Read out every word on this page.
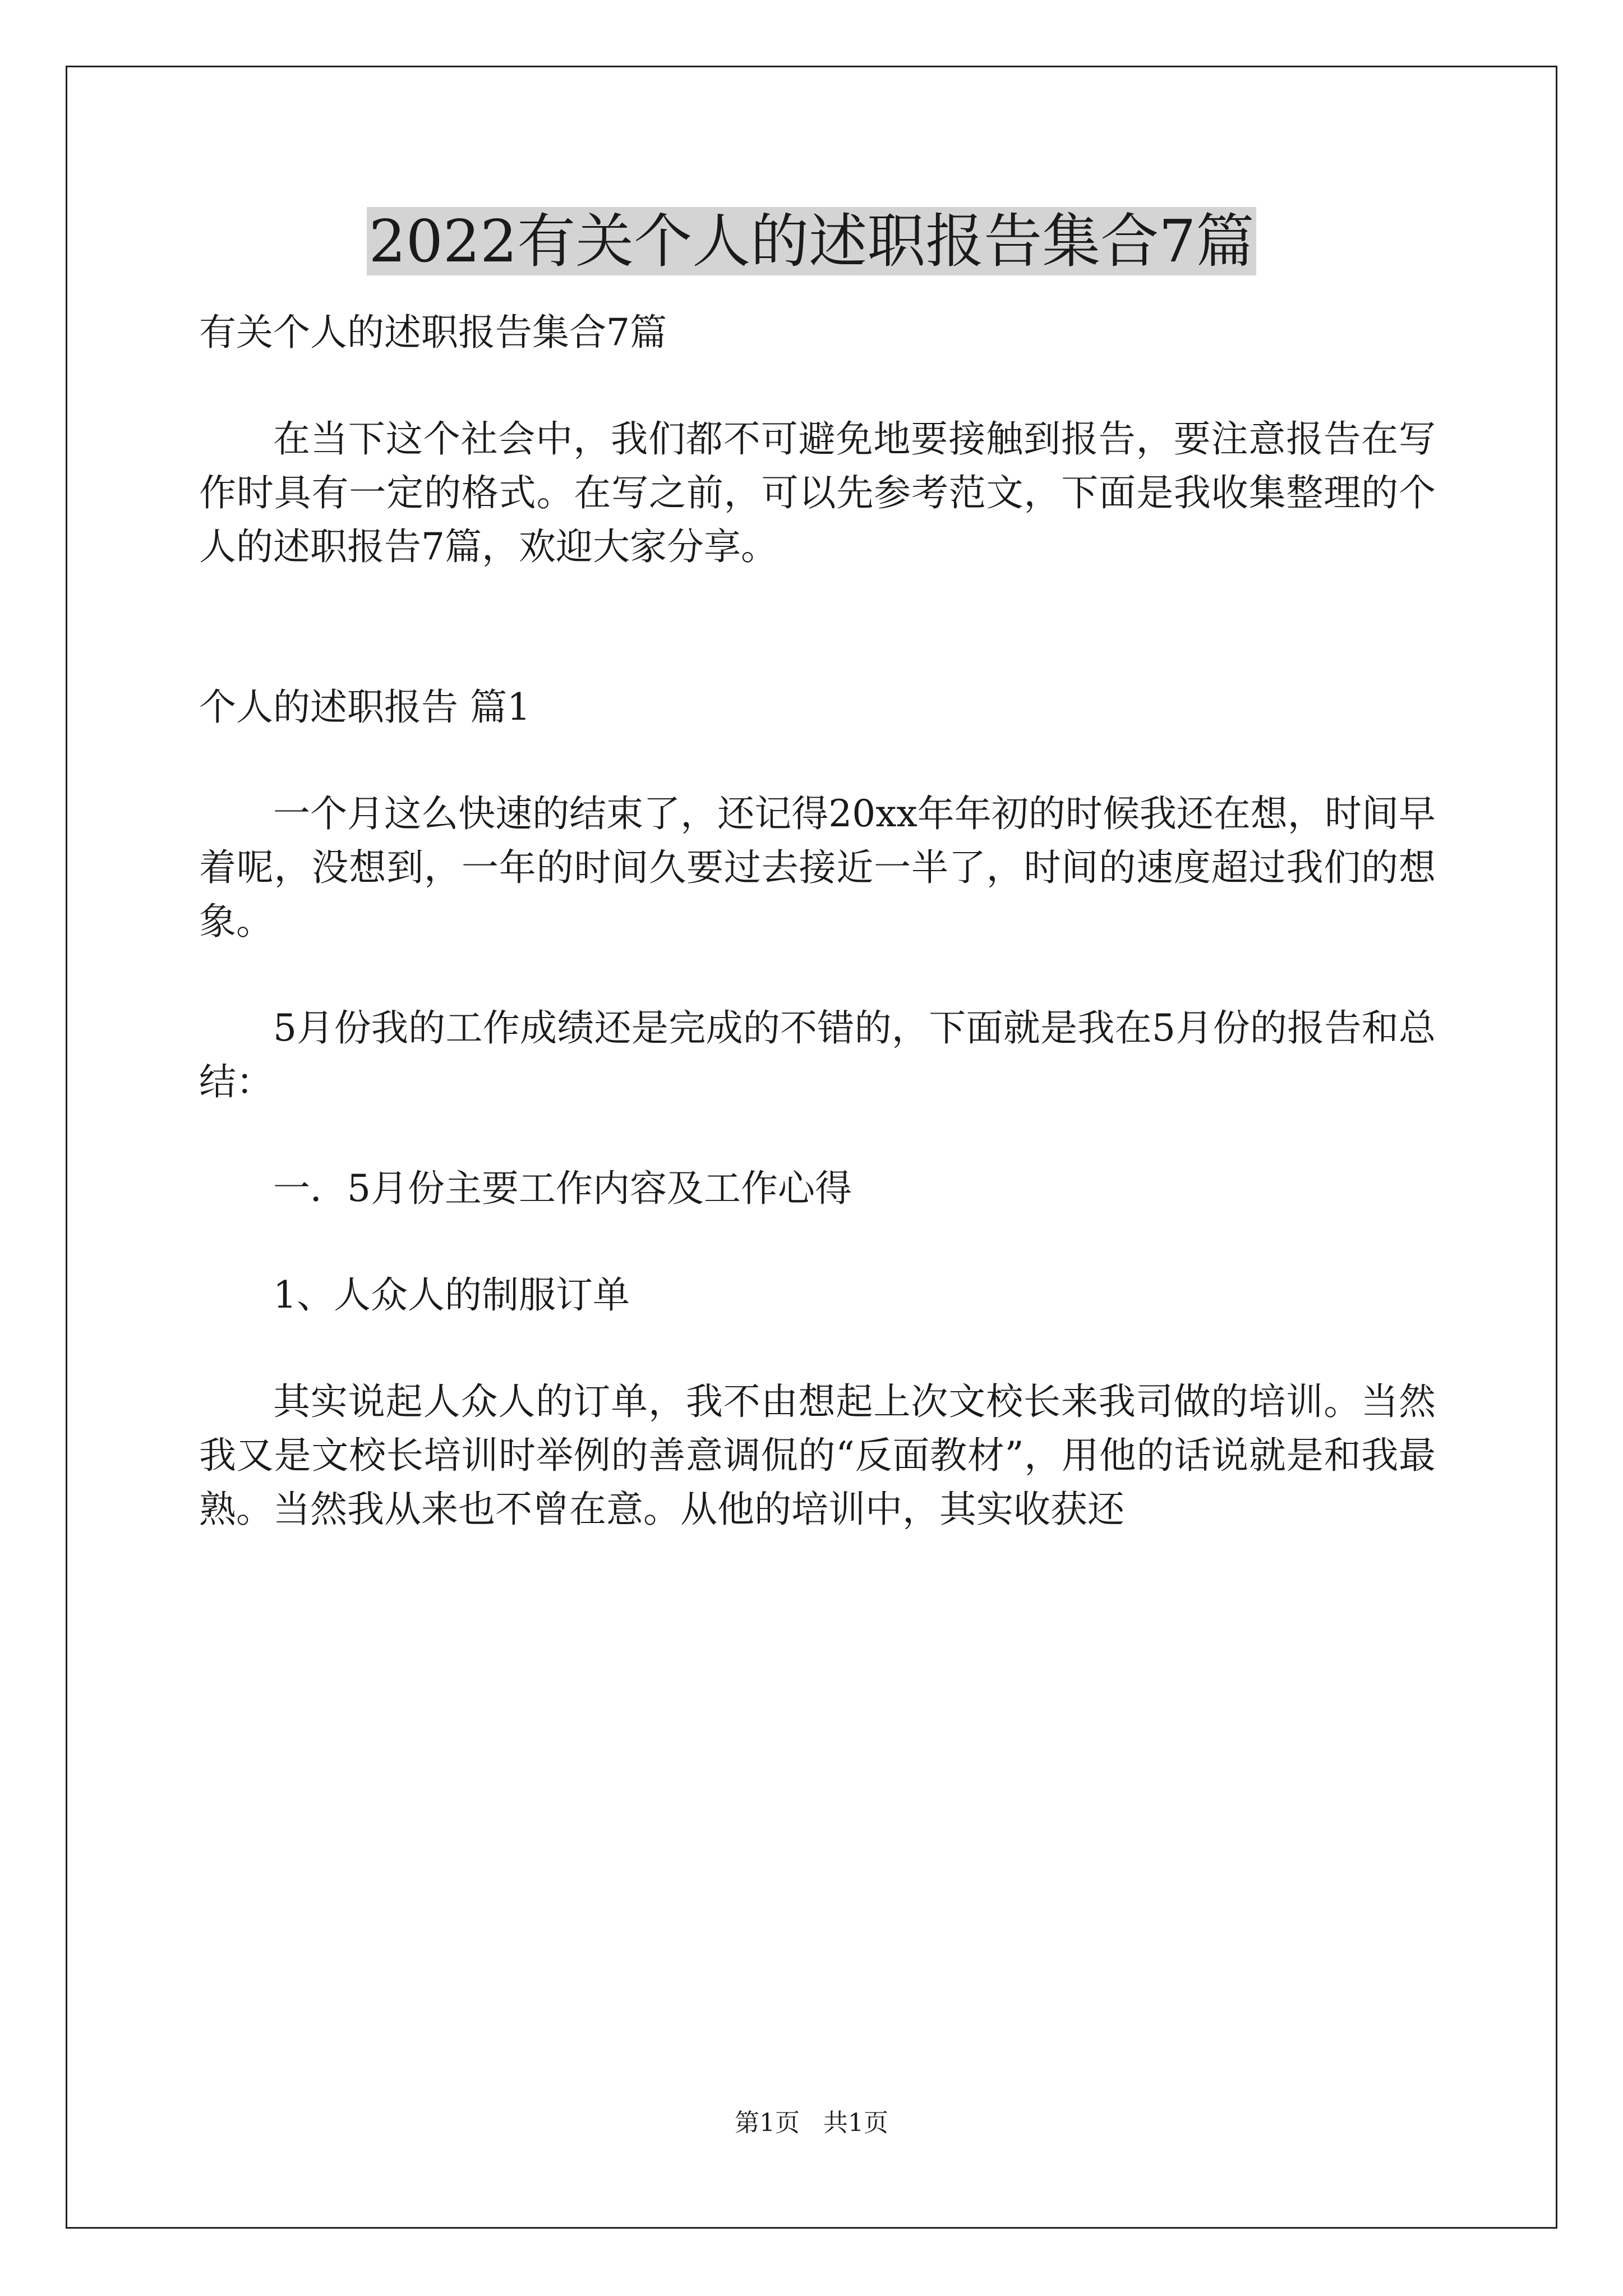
2022有关个人的述职报告集合7篇

有关个人的述职报告集合7篇

在当下这个社会中，我们都不可避免地要接触到报告，要注意报告在写作时具有一定的格式。在写之前，可以先参考范文，下面是我收集整理的个人的述职报告7篇，欢迎大家分享。

个人的述职报告 篇1

一个月这么快速的结束了，还记得20xx年年初的时候我还在想，时间早着呢，没想到，一年的时间久要过去接近一半了，时间的速度超过我们的想象。

5月份我的工作成绩还是完成的不错的，下面就是我在5月份的报告和总结：

一．5月份主要工作内容及工作心得

1、人众人的制服订单

其实说起人众人的订单，我不由想起上次文校长来我司做的培训。当然我又是文校长培训时举例的善意调侃的“反面教材”，用他的话说就是和我最熟。当然我从来也不曾在意。从他的培训中，其实收获还

第1页   共1页
